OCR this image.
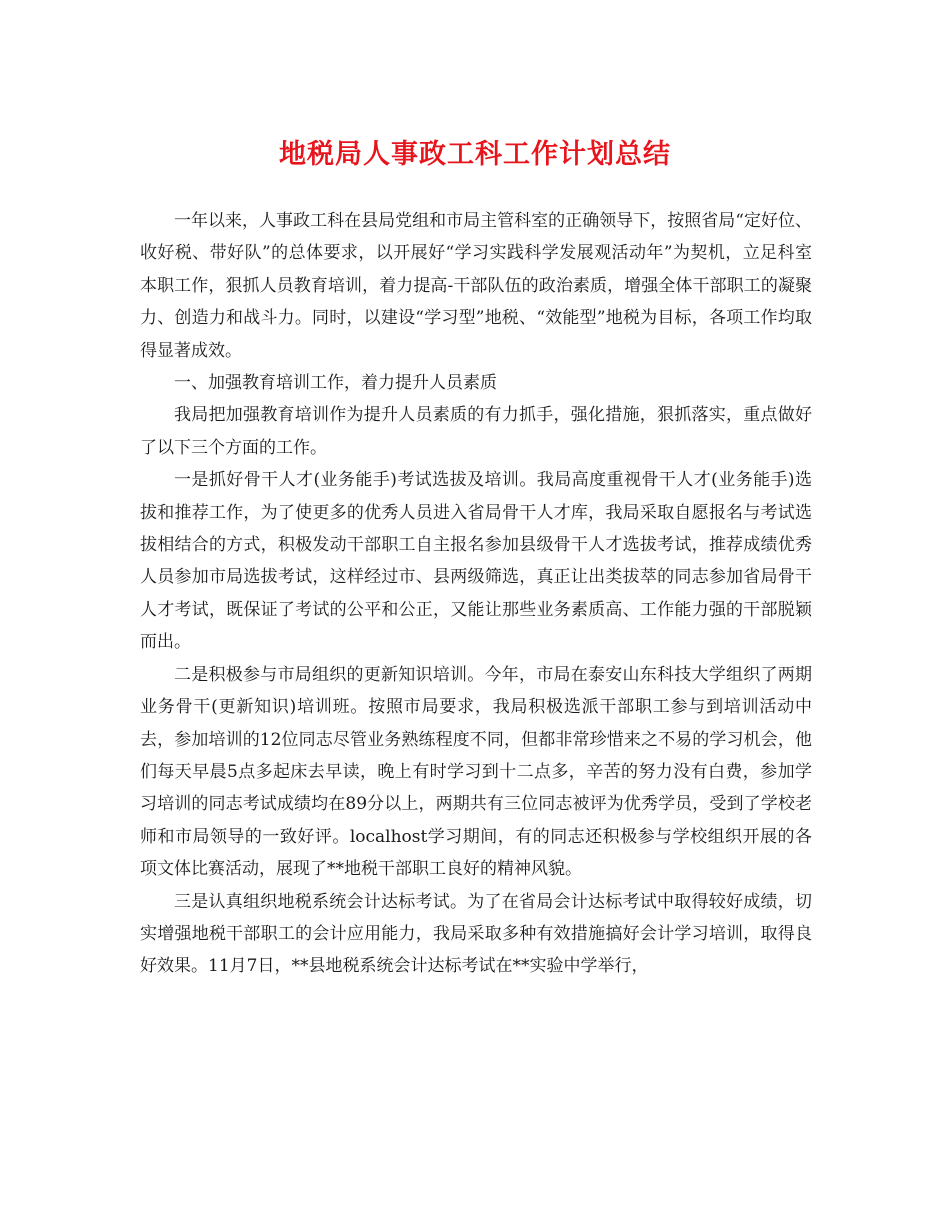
地税局人事政工科工作计划总结

一年以来，人事政工科在县局党组和市局主管科室的正确领导下，按照省局“定好位、收好税、带好队”的总体要求，以开展好“学习实践科学发展观活动年”为契机，立足科室本职工作，狠抓人员教育培训，着力提高-干部队伍的政治素质，增强全体干部职工的凝聚力、创造力和战斗力。同时，以建设“学习型”地税、“效能型”地税为目标，各项工作均取得显著成效。

一、加强教育培训工作，着力提升人员素质

我局把加强教育培训作为提升人员素质的有力抓手，强化措施，狠抓落实，重点做好了以下三个方面的工作。

一是抓好骨干人才(业务能手)考试选拔及培训。我局高度重视骨干人才(业务能手)选拔和推荐工作，为了使更多的优秀人员进入省局骨干人才库，我局采取自愿报名与考试选拔相结合的方式，积极发动干部职工自主报名参加县级骨干人才选拔考试，推荐成绩优秀人员参加市局选拔考试，这样经过市、县两级筛选，真正让出类拔萃的同志参加省局骨干人才考试，既保证了考试的公平和公正，又能让那些业务素质高、工作能力强的干部脱颖而出。

二是积极参与市局组织的更新知识培训。今年，市局在泰安山东科技大学组织了两期业务骨干(更新知识)培训班。按照市局要求，我局积极选派干部职工参与到培训活动中去，参加培训的12位同志尽管业务熟练程度不同，但都非常珍惜来之不易的学习机会，他们每天早晨5点多起床去早读，晚上有时学习到十二点多，辛苦的努力没有白费，参加学习培训的同志考试成绩均在89分以上，两期共有三位同志被评为优秀学员，受到了学校老师和市局领导的一致好评。localhost学习期间，有的同志还积极参与学校组织开展的各项文体比赛活动，展现了**地税干部职工良好的精神风貌。

三是认真组织地税系统会计达标考试。为了在省局会计达标考试中取得较好成绩，切实增强地税干部职工的会计应用能力，我局采取多种有效措施搞好会计学习培训，取得良好效果。11月7日，**县地税系统会计达标考试在**实验中学举行，
